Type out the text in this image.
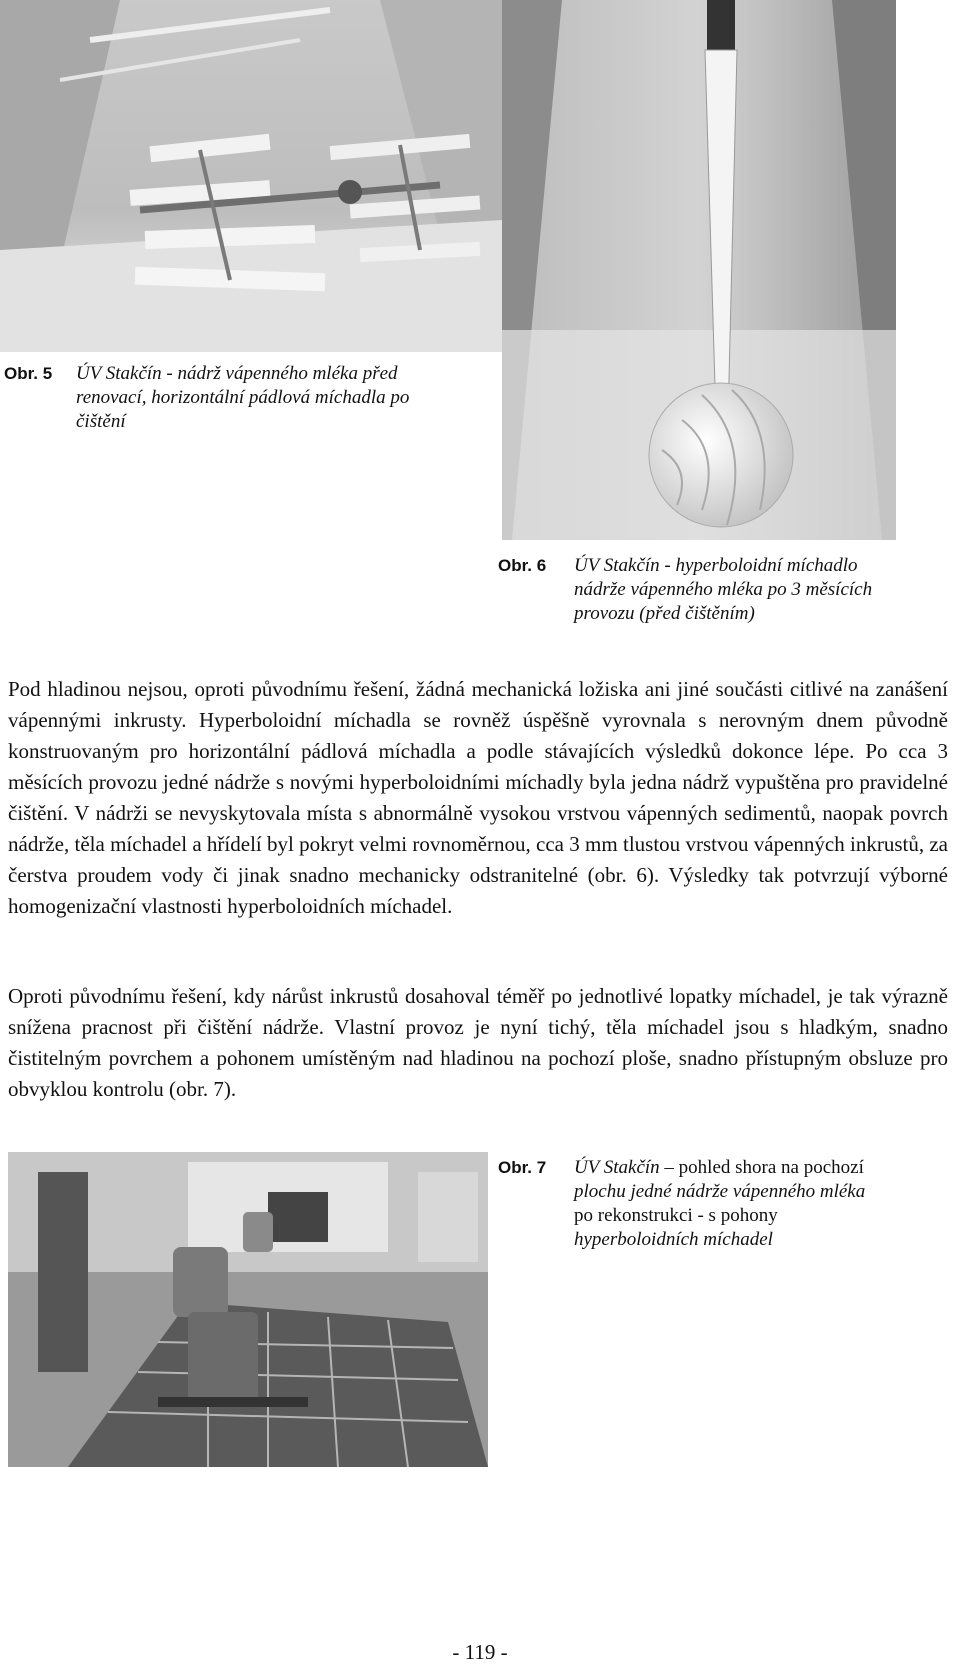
Obr. 5 ÚV Stakčín - nádrž vápenného mléka před
renovací, horizontální pádlová míchadla po
čištění
Obr. 6 ÚV Stakčín - hyperboloidní míchadlo
nádrže vápenného mléka po 3 měsících
provozu (před čištěním)

Pod hladinou nejsou, oproti původnímu řešení, žádná mechanická ložiska ani jiné součásti citlivé na zanášení vápennými inkrusty. Hyperboloidní míchadla se rovněž úspěšně vyrovnala s nerovným dnem původně konstruovaným pro horizontální pádlová míchadla a podle stávajících výsledků dokonce lépe. Po cca 3 měsících provozu jedné nádrže s novými hyperboloidními míchadly byla jedna nádrž vypuštěna pro pravidelné čištění. V nádrži se nevyskytovala místa s abnormálně vysokou vrstvou vápenných sedimentů, naopak povrch nádrže, těla míchadel a hřídelí byl pokryt velmi rovnoměrnou, cca 3 mm tlustou vrstvou vápenných inkrustů, za čerstva proudem vody či jinak snadno mechanicky odstranitelné (obr. 6). Výsledky tak potvrzují výborné homogenizační vlastnosti hyperboloidních míchadel.

Oproti původnímu řešení, kdy nárůst inkrustů dosahoval téměř po jednotlivé lopatky míchadel, je tak výrazně snížena pracnost při čištění nádrže. Vlastní provoz je nyní tichý, těla míchadel jsou s hladkým, snadno čistitelným povrchem a pohonem umístěným nad hladinou na pochozí ploše, snadno přístupným obsluze pro obvyklou kontrolu (obr. 7).

Obr. 7 ÚV Stakčín – pohled shora na pochozí
plochu jedné nádrže vápenného mléka
po rekonstrukci - s pohony
hyperboloidních míchadel
- 119 -
